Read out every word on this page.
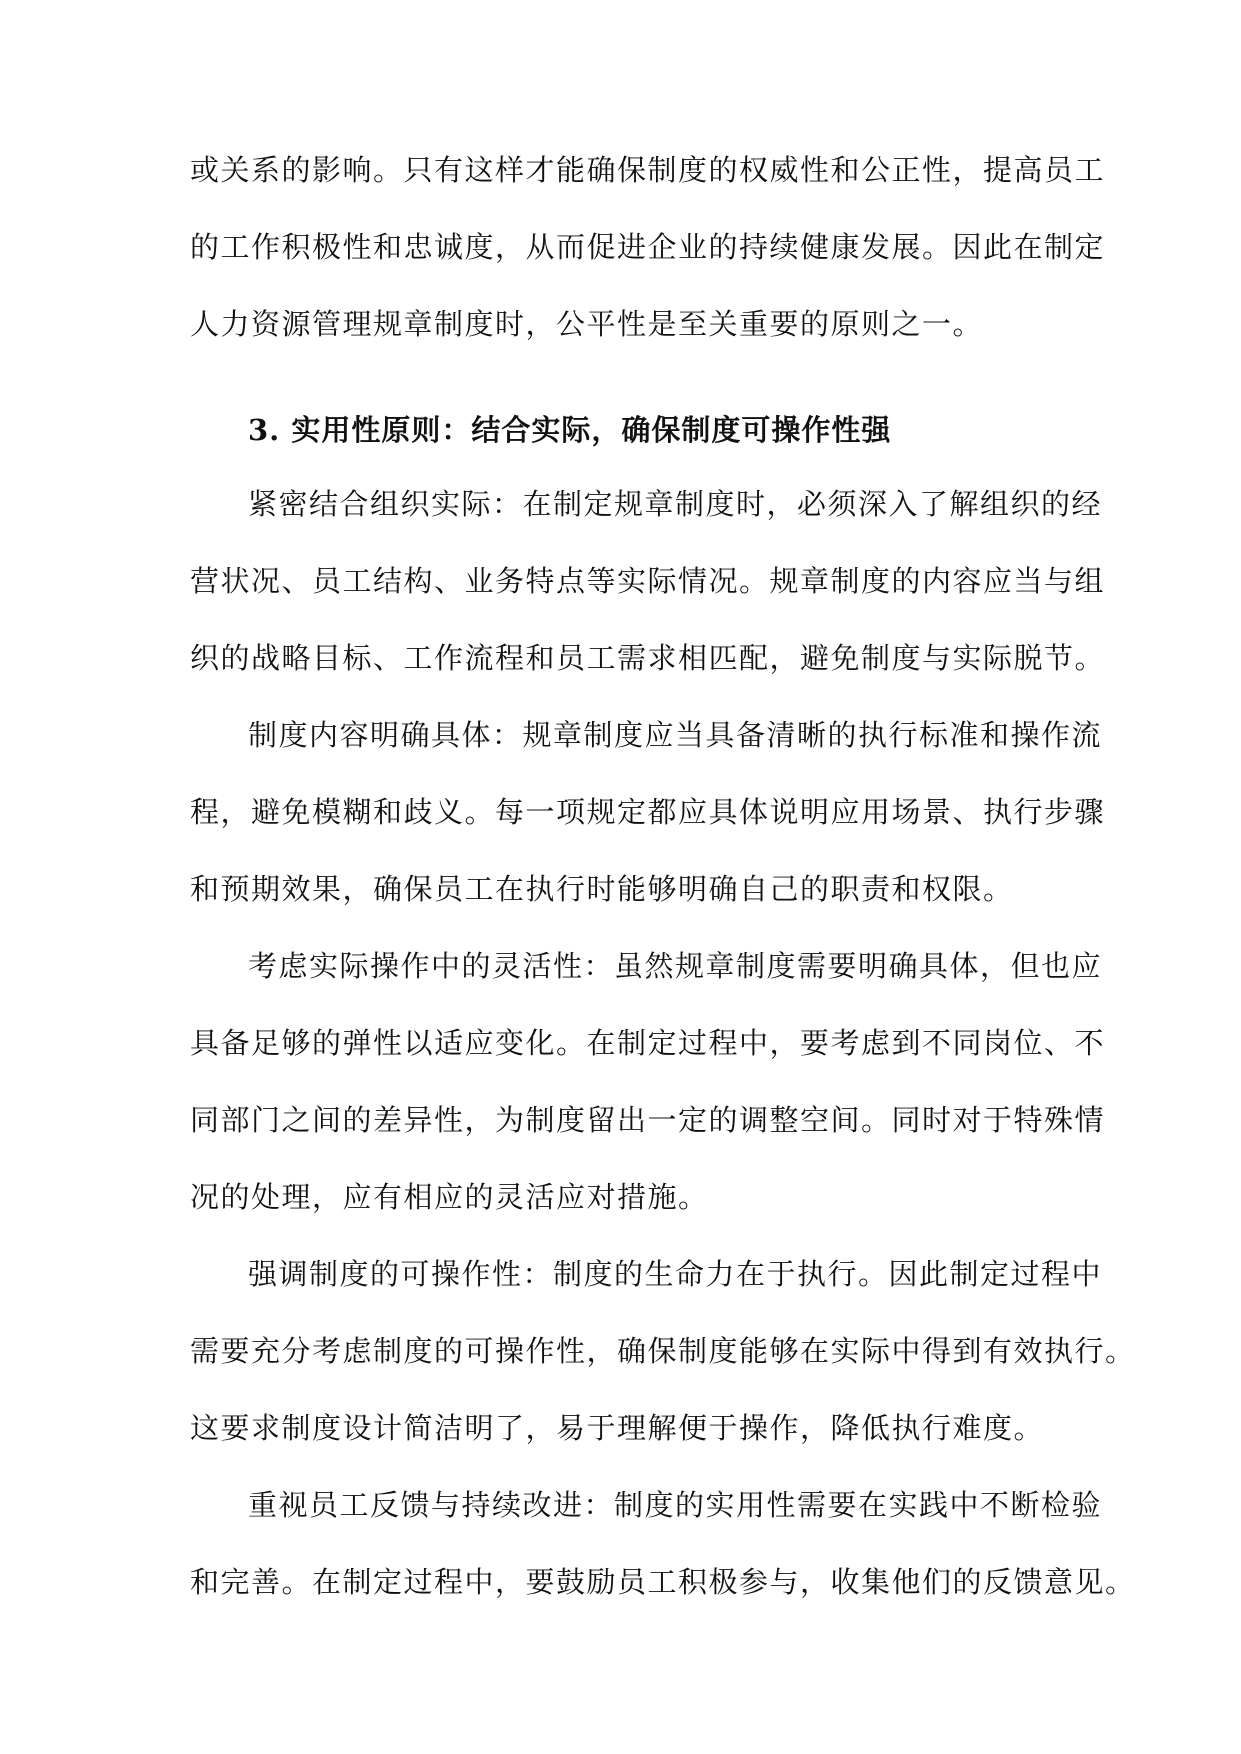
或关系的影响。只有这样才能确保制度的权威性和公正性，提高员工
的工作积极性和忠诚度，从而促进企业的持续健康发展。因此在制定
人力资源管理规章制度时，公平性是至关重要的原则之一。
3. 实用性原则：结合实际，确保制度可操作性强
紧密结合组织实际：在制定规章制度时，必须深入了解组织的经
营状况、员工结构、业务特点等实际情况。规章制度的内容应当与组
织的战略目标、工作流程和员工需求相匹配，避免制度与实际脱节。
制度内容明确具体：规章制度应当具备清晰的执行标准和操作流
程，避免模糊和歧义。每一项规定都应具体说明应用场景、执行步骤
和预期效果，确保员工在执行时能够明确自己的职责和权限。
考虑实际操作中的灵活性：虽然规章制度需要明确具体，但也应
具备足够的弹性以适应变化。在制定过程中，要考虑到不同岗位、不
同部门之间的差异性，为制度留出一定的调整空间。同时对于特殊情
况的处理，应有相应的灵活应对措施。
强调制度的可操作性：制度的生命力在于执行。因此制定过程中
需要充分考虑制度的可操作性，确保制度能够在实际中得到有效执行。
这要求制度设计简洁明了，易于理解便于操作，降低执行难度。
重视员工反馈与持续改进：制度的实用性需要在实践中不断检验
和完善。在制定过程中，要鼓励员工积极参与，收集他们的反馈意见。
